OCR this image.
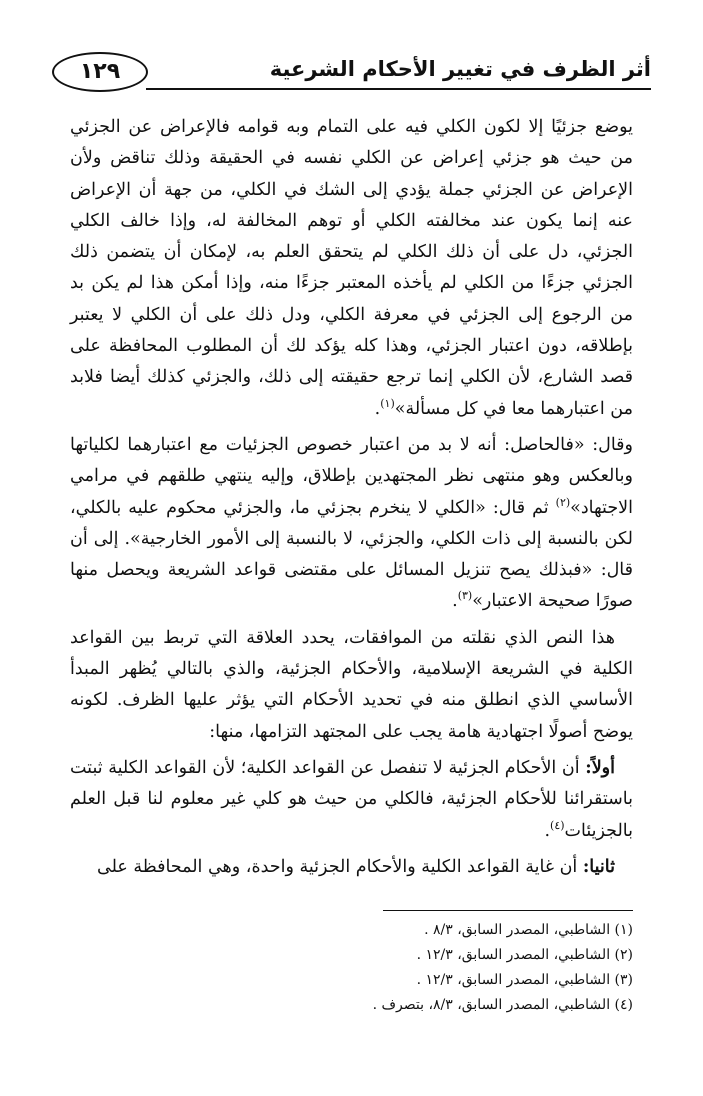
أثر الظرف في تغيير الأحكام الشرعية
١٢٩

يوضع جزئيًا إلا لكون الكلي فيه على التمام وبه قوامه فالإعراض عن الجزئي من حيث هو جزئي إعراض عن الكلي نفسه في الحقيقة وذلك تناقض ولأن الإعراض عن الجزئي جملة يؤدي إلى الشك في الكلي، من جهة أن الإعراض عنه إنما يكون عند مخالفته الكلي أو توهم المخالفة له، وإذا خالف الكلي الجزئي، دل على أن ذلك الكلي لم يتحقق العلم به، لإمكان أن يتضمن ذلك الجزئي جزءًا من الكلي لم يأخذه المعتبر جزءًا منه، وإذا أمكن هذا لم يكن بد من الرجوع إلى الجزئي في معرفة الكلي، ودل ذلك على أن الكلي لا يعتبر بإطلاقه، دون اعتبار الجزئي، وهذا كله يؤكد لك أن المطلوب المحافظة على قصد الشارع، لأن الكلي إنما ترجع حقيقته إلى ذلك، والجزئي كذلك أيضا فلابد من اعتبارهما معا في كل مسألة»$^{(١)}$.

وقال: «فالحاصل: أنه لا بد من اعتبار خصوص الجزئيات مع اعتبارهما لكلياتها وبالعكس وهو منتهى نظر المجتهدين بإطلاق، وإليه ينتهي طلقهم في مرامي الاجتهاد»$^{(٢)}$ ثم قال: «الكلي لا ينخرم بجزئي ما، والجزئي محكوم عليه بالكلي، لكن بالنسبة إلى ذات الكلي، والجزئي، لا بالنسبة إلى الأمور الخارجية». إلى أن قال: «فبذلك يصح تنزيل المسائل على مقتضى قواعد الشريعة ويحصل منها صورًا صحيحة الاعتبار»$^{(٣)}$.

هذا النص الذي نقلته من الموافقات، يحدد العلاقة التي تربط بين القواعد الكلية في الشريعة الإسلامية، والأحكام الجزئية، والذي بالتالي يُظهر المبدأ الأساسي الذي انطلق منه في تحديد الأحكام التي يؤثر عليها الظرف. لكونه يوضح أصولًا اجتهادية هامة يجب على المجتهد التزامها، منها:

أولاً: أن الأحكام الجزئية لا تنفصل عن القواعد الكلية؛ لأن القواعد الكلية ثبتت باستقرائنا للأحكام الجزئية، فالكلي من حيث هو كلي غير معلوم لنا قبل العلم بالجزيئات$^{(٤)}$.

ثانيا: أن غاية القواعد الكلية والأحكام الجزئية واحدة، وهي المحافظة على

(١) الشاطبي، المصدر السابق، ٨/٣ .
(٢) الشاطبي، المصدر السابق، ١٢/٣ .
(٣) الشاطبي، المصدر السابق، ١٢/٣ .
(٤) الشاطبي، المصدر السابق، ٨/٣، بتصرف .
